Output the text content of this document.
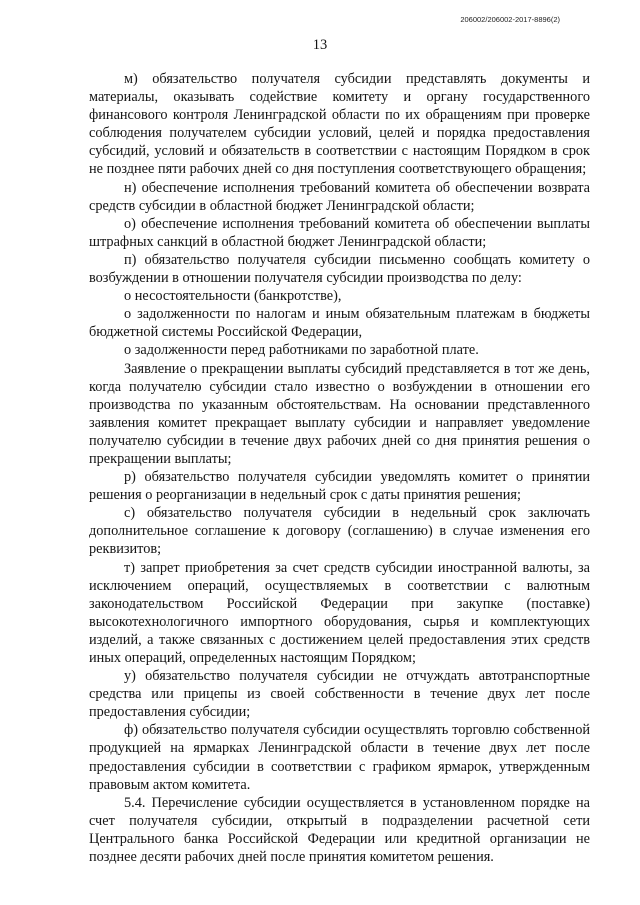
206002/206002-2017-8896(2)
13

м) обязательство получателя субсидии представлять документы и материалы, оказывать содействие комитету и органу государственного финансового контроля Ленинградской области по их обращениям при проверке соблюдения получателем субсидии условий, целей и порядка предоставления субсидий, условий и обязательств в соответствии с настоящим Порядком в срок не позднее пяти рабочих дней со дня поступления соответствующего обращения;

н) обеспечение исполнения требований комитета об обеспечении возврата средств субсидии в областной бюджет Ленинградской области;

о) обеспечение исполнения требований комитета об обеспечении выплаты штрафных санкций в областной бюджет Ленинградской области;

п) обязательство получателя субсидии письменно сообщать комитету о возбуждении в отношении получателя субсидии производства по делу:

о несостоятельности (банкротстве),

о задолженности по налогам и иным обязательным платежам в бюджеты бюджетной системы Российской Федерации,

о задолженности перед работниками по заработной плате.

Заявление о прекращении выплаты субсидий представляется в тот же день, когда получателю субсидии стало известно о возбуждении в отношении его производства по указанным обстоятельствам. На основании представленного заявления комитет прекращает выплату субсидии и направляет уведомление получателю субсидии в течение двух рабочих дней со дня принятия решения о прекращении выплаты;

р) обязательство получателя субсидии уведомлять комитет о принятии решения о реорганизации в недельный срок с даты принятия решения;

с) обязательство получателя субсидии в недельный срок заключать дополнительное соглашение к договору (соглашению) в случае изменения его реквизитов;

т) запрет приобретения за счет средств субсидии иностранной валюты, за исключением операций, осуществляемых в соответствии с валютным законодательством Российской Федерации при закупке (поставке) высокотехнологичного импортного оборудования, сырья и комплектующих изделий, а также связанных с достижением целей предоставления этих средств иных операций, определенных настоящим Порядком;

у) обязательство получателя субсидии не отчуждать автотранспортные средства или прицепы из своей собственности в течение двух лет после предоставления субсидии;

ф) обязательство получателя субсидии осуществлять торговлю собственной продукцией на ярмарках Ленинградской области в течение двух лет после предоставления субсидии в соответствии с графиком ярмарок, утвержденным правовым актом комитета.

5.4. Перечисление субсидии осуществляется в установленном порядке на счет получателя субсидии, открытый в подразделении расчетной сети Центрального банка Российской Федерации или кредитной организации не позднее десяти рабочих дней после принятия комитетом решения.
